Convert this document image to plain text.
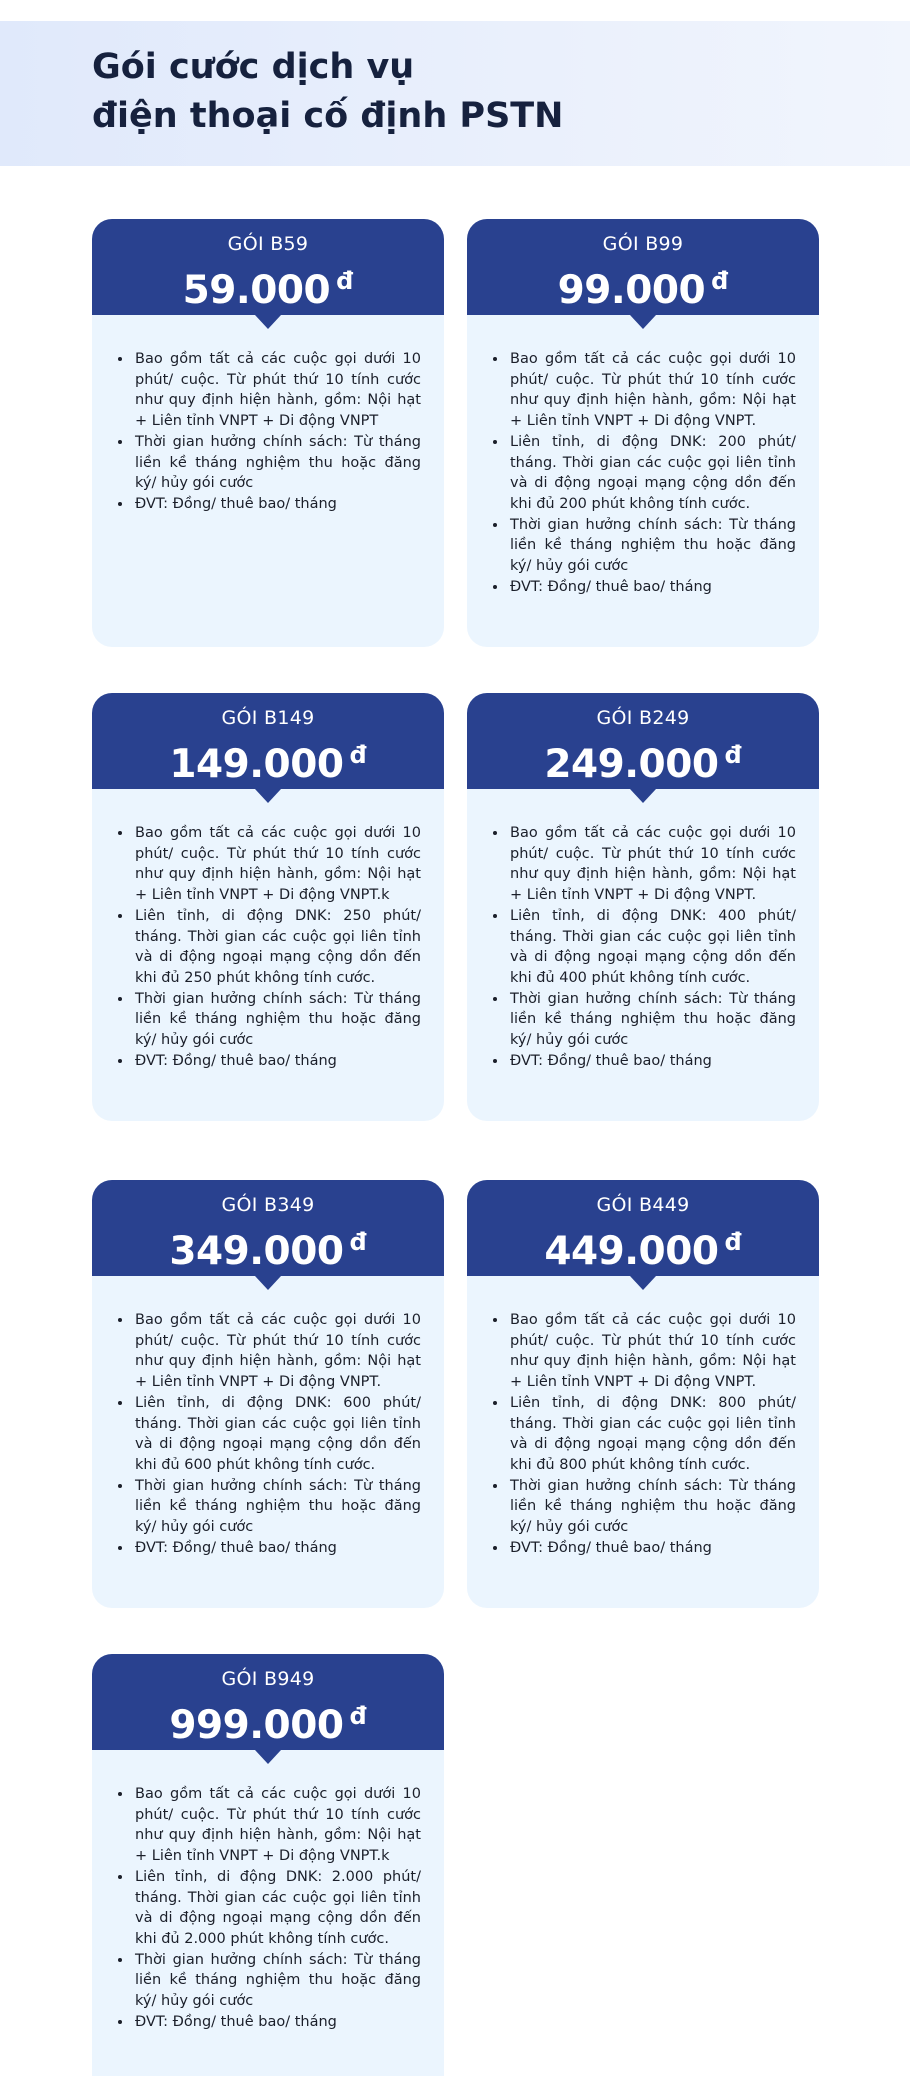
Gói cước dịch vụ
điện thoại cố định PSTN
GÓI B59
59.000 đ
• Bao gồm tất cả các cuộc gọi dưới 10 phút/ cuộc. Từ phút thứ 10 tính cước như quy định hiện hành, gồm: Nội hạt + Liên tỉnh VNPT + Di động VNPT
• Thời gian hưởng chính sách: Từ tháng liền kề tháng nghiệm thu hoặc đăng ký/ hủy gói cước
• ĐVT: Đồng/ thuê bao/ tháng
GÓI B99
99.000 đ
• Bao gồm tất cả các cuộc gọi dưới 10 phút/ cuộc. Từ phút thứ 10 tính cước như quy định hiện hành, gồm: Nội hạt + Liên tỉnh VNPT + Di động VNPT.
• Liên tỉnh, di động DNK: 200 phút/ tháng. Thời gian các cuộc gọi liên tỉnh và di động ngoại mạng cộng dồn đến khi đủ 200 phút không tính cước.
• Thời gian hưởng chính sách: Từ tháng liền kề tháng nghiệm thu hoặc đăng ký/ hủy gói cước
• ĐVT: Đồng/ thuê bao/ tháng
GÓI B149
149.000 đ
• Bao gồm tất cả các cuộc gọi dưới 10 phút/ cuộc. Từ phút thứ 10 tính cước như quy định hiện hành, gồm: Nội hạt + Liên tỉnh VNPT + Di động VNPT.k
• Liên tỉnh, di động DNK: 250 phút/ tháng. Thời gian các cuộc gọi liên tỉnh và di động ngoại mạng cộng dồn đến khi đủ 250 phút không tính cước.
• Thời gian hưởng chính sách: Từ tháng liền kề tháng nghiệm thu hoặc đăng ký/ hủy gói cước
• ĐVT: Đồng/ thuê bao/ tháng
GÓI B249
249.000 đ
• Bao gồm tất cả các cuộc gọi dưới 10 phút/ cuộc. Từ phút thứ 10 tính cước như quy định hiện hành, gồm: Nội hạt + Liên tỉnh VNPT + Di động VNPT.
• Liên tỉnh, di động DNK: 400 phút/ tháng. Thời gian các cuộc gọi liên tỉnh và di động ngoại mạng cộng dồn đến khi đủ 400 phút không tính cước.
• Thời gian hưởng chính sách: Từ tháng liền kề tháng nghiệm thu hoặc đăng ký/ hủy gói cước
• ĐVT: Đồng/ thuê bao/ tháng
GÓI B349
349.000 đ
• Bao gồm tất cả các cuộc gọi dưới 10 phút/ cuộc. Từ phút thứ 10 tính cước như quy định hiện hành, gồm: Nội hạt + Liên tỉnh VNPT + Di động VNPT.
• Liên tỉnh, di động DNK: 600 phút/ tháng. Thời gian các cuộc gọi liên tỉnh và di động ngoại mạng cộng dồn đến khi đủ 600 phút không tính cước.
• Thời gian hưởng chính sách: Từ tháng liền kề tháng nghiệm thu hoặc đăng ký/ hủy gói cước
• ĐVT: Đồng/ thuê bao/ tháng
GÓI B449
449.000 đ
• Bao gồm tất cả các cuộc gọi dưới 10 phút/ cuộc. Từ phút thứ 10 tính cước như quy định hiện hành, gồm: Nội hạt + Liên tỉnh VNPT + Di động VNPT.
• Liên tỉnh, di động DNK: 800 phút/ tháng. Thời gian các cuộc gọi liên tỉnh và di động ngoại mạng cộng dồn đến khi đủ 800 phút không tính cước.
• Thời gian hưởng chính sách: Từ tháng liền kề tháng nghiệm thu hoặc đăng ký/ hủy gói cước
• ĐVT: Đồng/ thuê bao/ tháng
GÓI B949
999.000 đ
• Bao gồm tất cả các cuộc gọi dưới 10 phút/ cuộc. Từ phút thứ 10 tính cước như quy định hiện hành, gồm: Nội hạt + Liên tỉnh VNPT + Di động VNPT.k
• Liên tỉnh, di động DNK: 2.000 phút/ tháng. Thời gian các cuộc gọi liên tỉnh và di động ngoại mạng cộng dồn đến khi đủ 2.000 phút không tính cước.
• Thời gian hưởng chính sách: Từ tháng liền kề tháng nghiệm thu hoặc đăng ký/ hủy gói cước
• ĐVT: Đồng/ thuê bao/ tháng
